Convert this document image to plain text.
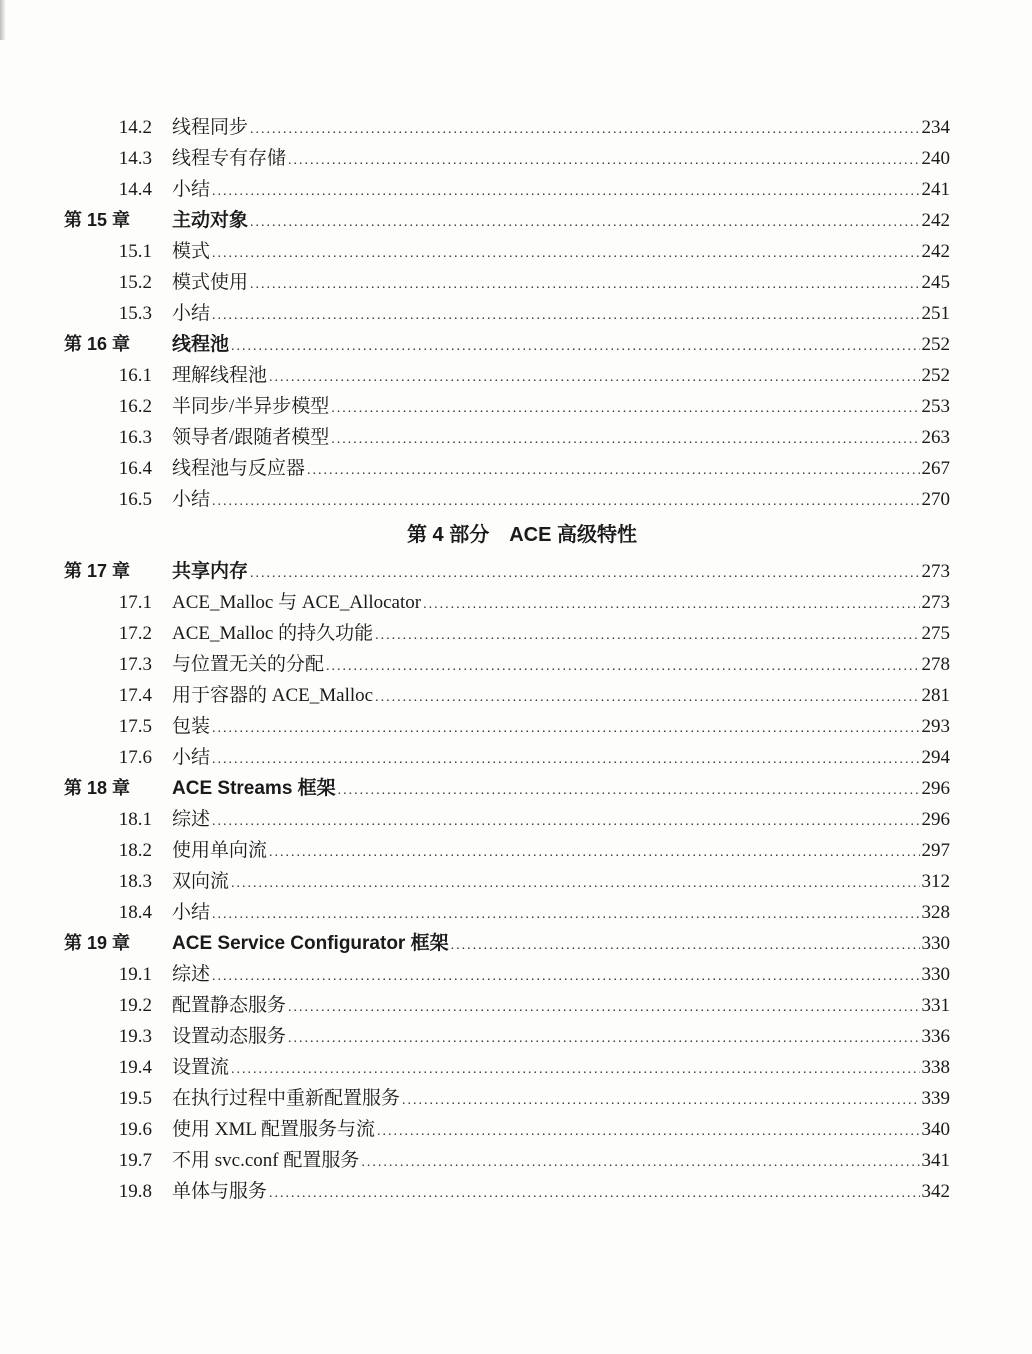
14.2	线程同步 .....	234
14.3	线程专有存储 .....	240
14.4	小结 .....	241
第 15 章	主动对象 .....	242
15.1	模式 .....	242
15.2	模式使用 .....	245
15.3	小结 .....	251
第 16 章	线程池 .....	252
16.1	理解线程池 .....	252
16.2	半同步/半异步模型 .....	253
16.3	领导者/跟随者模型 .....	263
16.4	线程池与反应器 .....	267
16.5	小结 .....	270
第 4 部分　ACE 高级特性
第 17 章	共享内存 .....	273
17.1	ACE_Malloc 与 ACE_Allocator .....	273
17.2	ACE_Malloc 的持久功能 .....	275
17.3	与位置无关的分配 .....	278
17.4	用于容器的 ACE_Malloc .....	281
17.5	包装 .....	293
17.6	小结 .....	294
第 18 章	ACE Streams 框架 .....	296
18.1	综述 .....	296
18.2	使用单向流 .....	297
18.3	双向流 .....	312
18.4	小结 .....	328
第 19 章	ACE Service Configurator 框架 .....	330
19.1	综述 .....	330
19.2	配置静态服务 .....	331
19.3	设置动态服务 .....	336
19.4	设置流 .....	338
19.5	在执行过程中重新配置服务 .....	339
19.6	使用 XML 配置服务与流 .....	340
19.7	不用 svc.conf 配置服务 .....	341
19.8	单体与服务 .....	342
